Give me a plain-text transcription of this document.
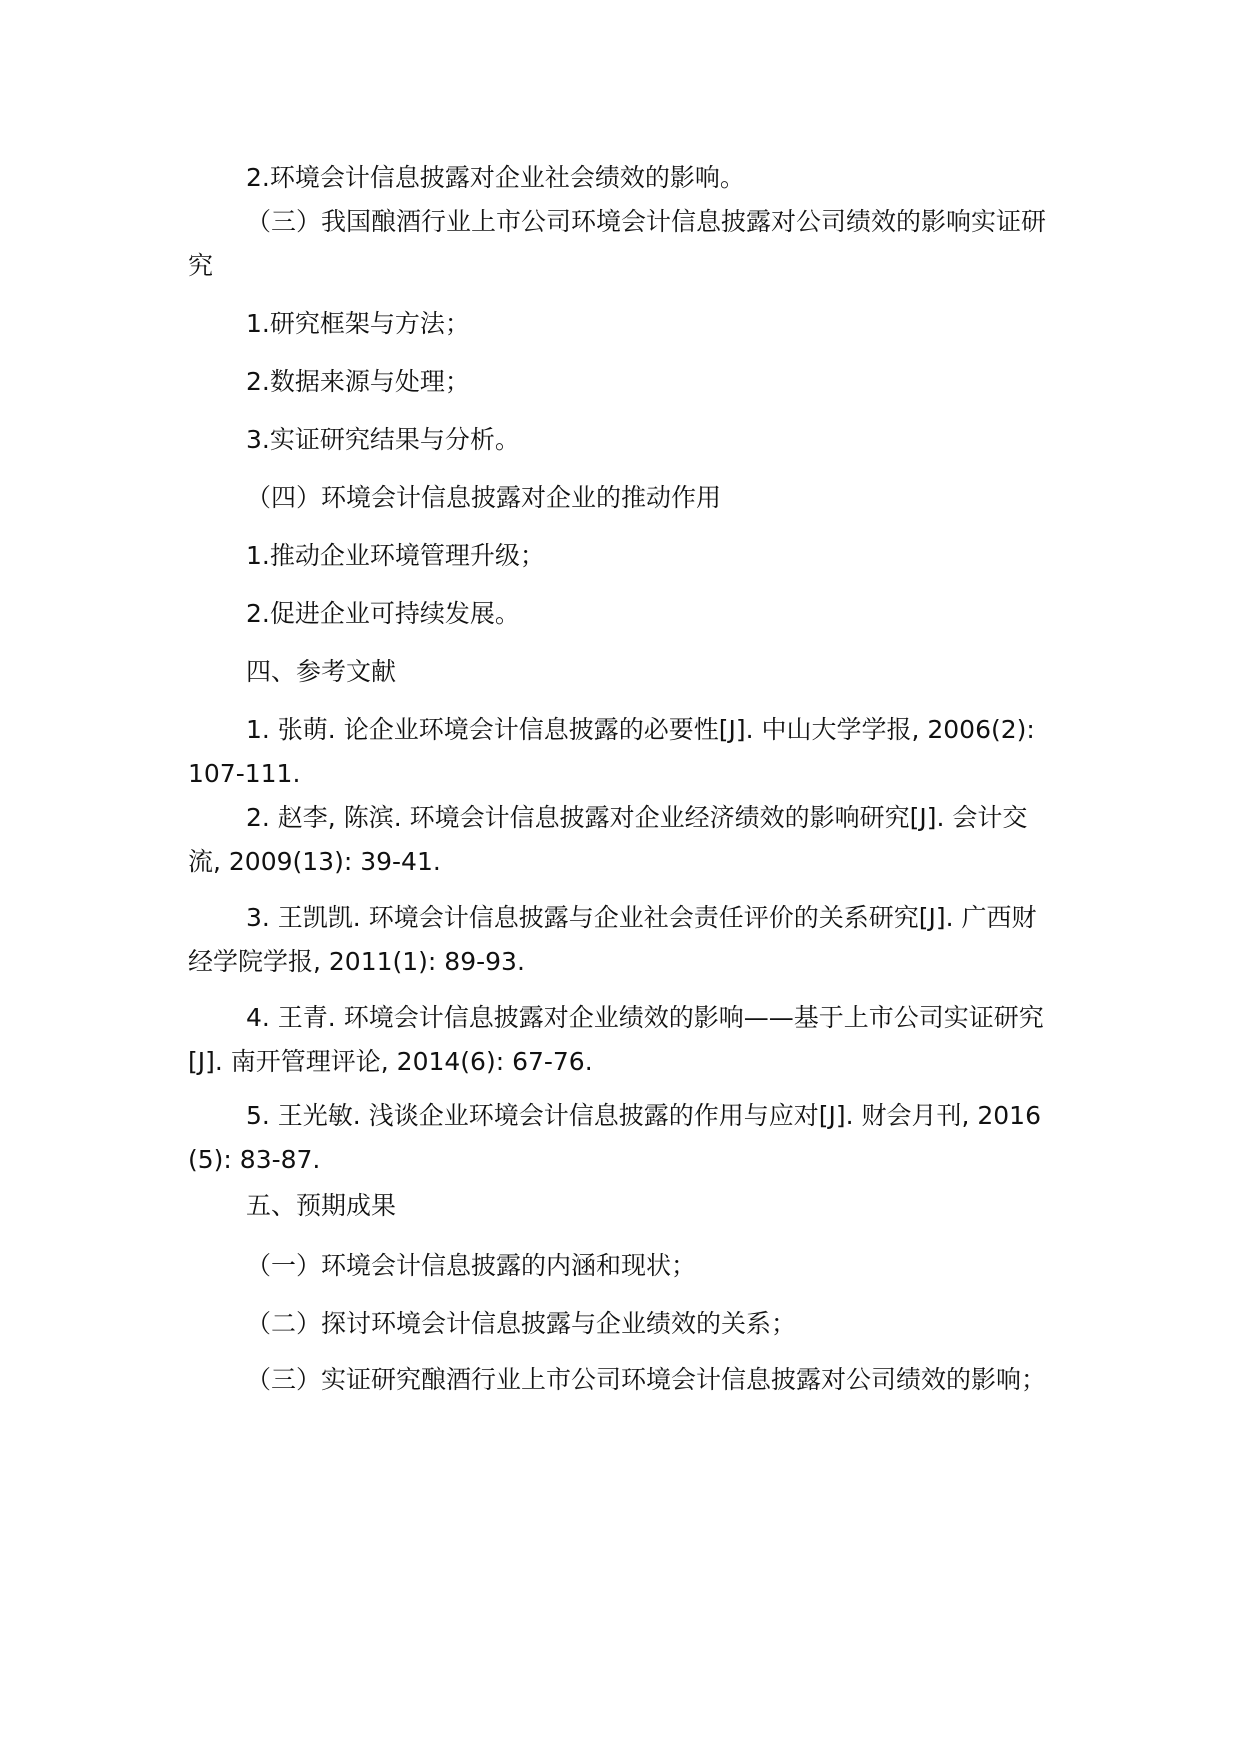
2.环境会计信息披露对企业社会绩效的影响。

（三）我国酿酒行业上市公司环境会计信息披露对公司绩效的影响实证研究

1.研究框架与方法；

2.数据来源与处理；

3.实证研究结果与分析。

（四）环境会计信息披露对企业的推动作用

1.推动企业环境管理升级；

2.促进企业可持续发展。

四、参考文献

1. 张萌. 论企业环境会计信息披露的必要性[J]. 中山大学学报, 2006(2): 107-111.

2. 赵李, 陈滨. 环境会计信息披露对企业经济绩效的影响研究[J]. 会计交流, 2009(13): 39-41.

3. 王凯凯. 环境会计信息披露与企业社会责任评价的关系研究[J]. 广西财经学院学报, 2011(1): 89-93.

4. 王青. 环境会计信息披露对企业绩效的影响——基于上市公司实证研究[J]. 南开管理评论, 2014(6): 67-76.

5. 王光敏. 浅谈企业环境会计信息披露的作用与应对[J]. 财会月刊, 2016(5): 83-87.

五、预期成果

（一）环境会计信息披露的内涵和现状；

（二）探讨环境会计信息披露与企业绩效的关系；

（三）实证研究酿酒行业上市公司环境会计信息披露对公司绩效的影响；
